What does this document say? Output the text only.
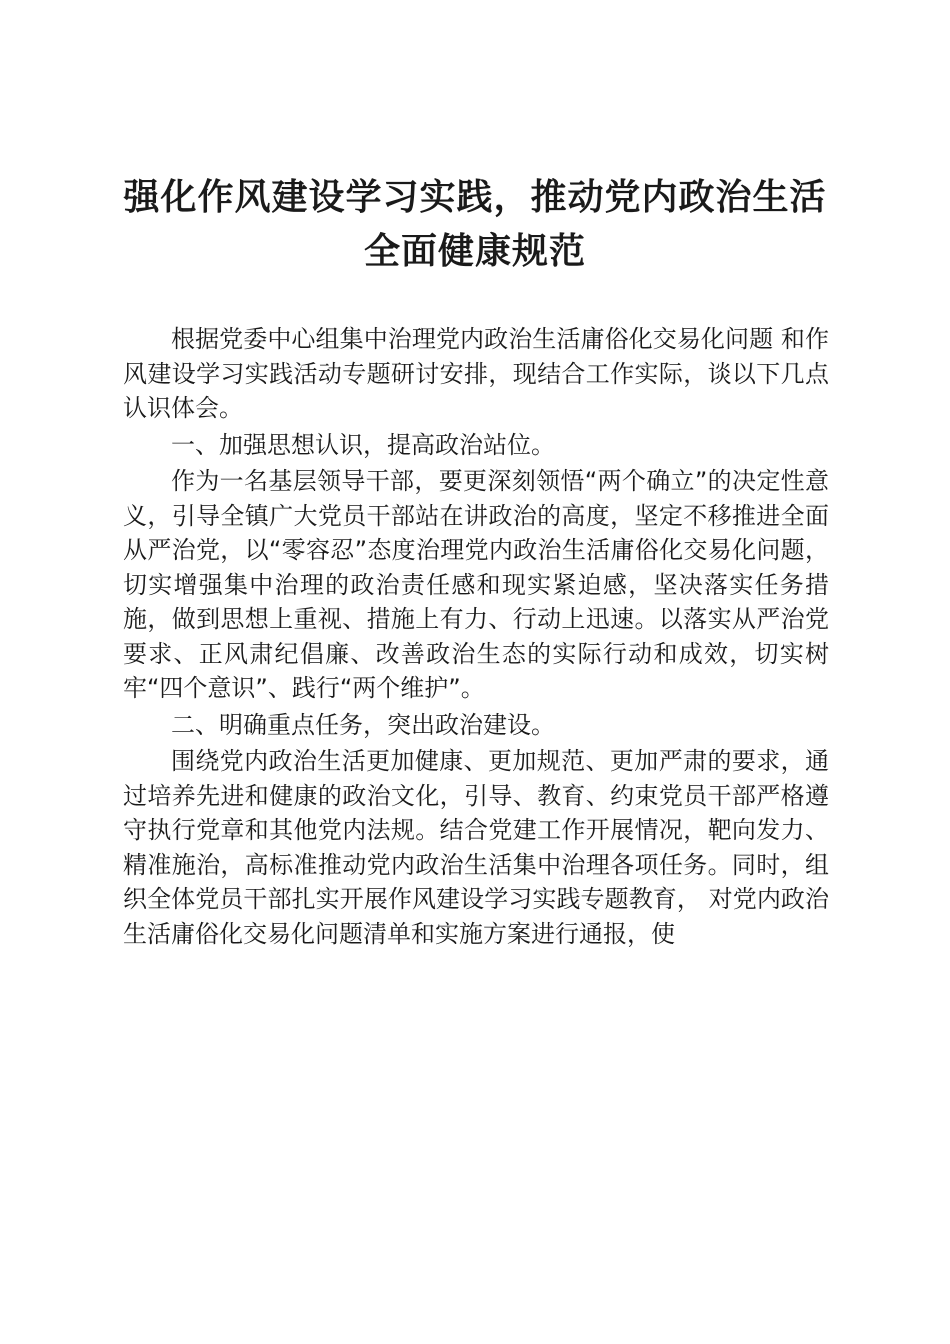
强化作风建设学习实践，推动党内政治生活全面健康规范

根据党委中心组集中治理党内政治生活庸俗化交易化问题 和作风建设学习实践活动专题研讨安排，现结合工作实际，谈以下几点认识体会。

一、加强思想认识，提高政治站位。

作为一名基层领导干部，要更深刻领悟“两个确立”的决定性意义，引导全镇广大党员干部站在讲政治的高度，坚定不移推进全面从严治党，以“零容忍”态度治理党内政治生活庸俗化交易化问题，切实增强集中治理的政治责任感和现实紧迫感，坚决落实任务措施，做到思想上重视、措施上有力、行动上迅速。以落实从严治党要求、正风肃纪倡廉、改善政治生态的实际行动和成效，切实树牢“四个意识”、践行“两个维护”。

二、明确重点任务，突出政治建设。

围绕党内政治生活更加健康、更加规范、更加严肃的要求，通过培养先进和健康的政治文化，引导、教育、约束党员干部严格遵守执行党章和其他党内法规。结合党建工作开展情况，靶向发力、精准施治，高标准推动党内政治生活集中治理各项任务。同时，组织全体党员干部扎实开展作风建设学习实践专题教育， 对党内政治生活庸俗化交易化问题清单和实施方案进行通报，使
